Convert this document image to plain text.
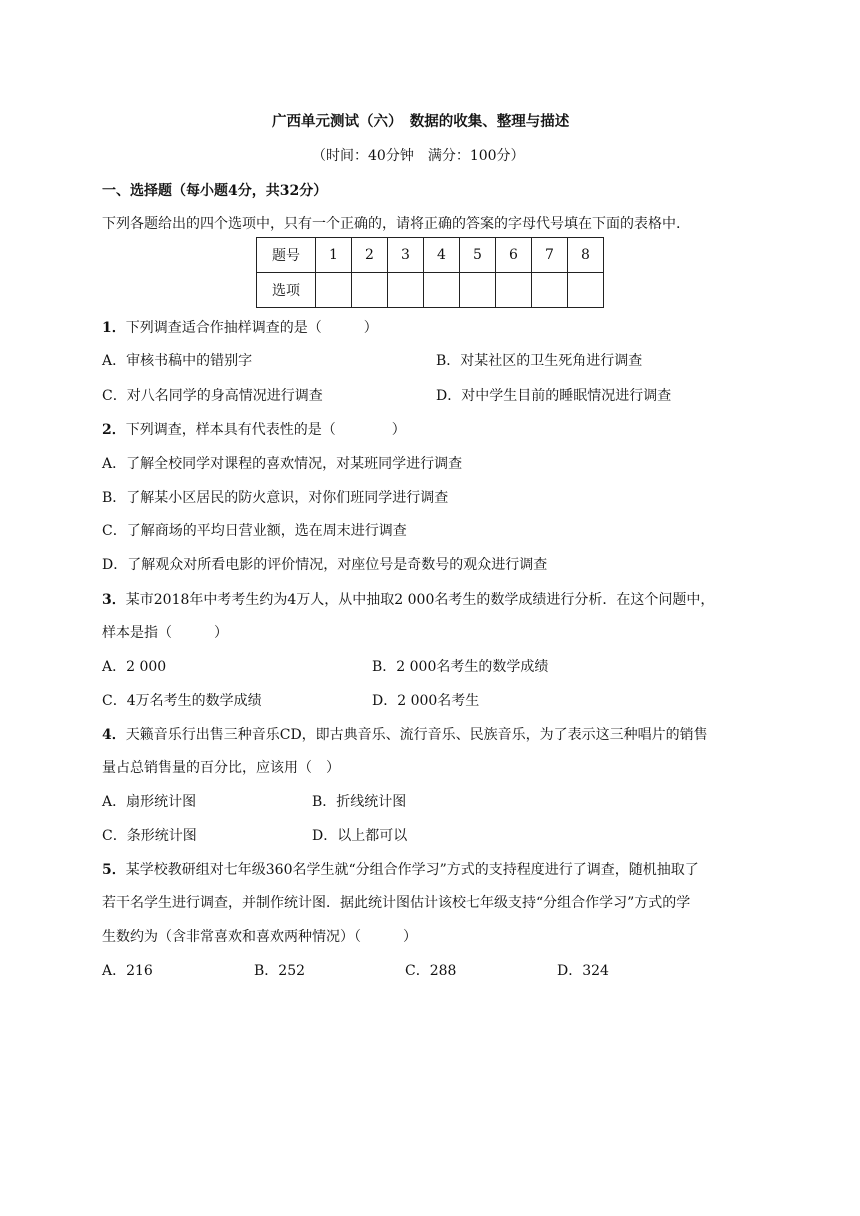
广西单元测试（六）　数据的收集、整理与描述
（时间：40分钟　满分：100分）
一、选择题（每小题4分，共32分）
下列各题给出的四个选项中，只有一个正确的，请将正确的答案的字母代号填在下面的表格中.
题号	1	2	3	4	5	6	7	8
选项								
1．下列调查适合作抽样调查的是（　　　）
A．审核书稿中的错别字	B．对某社区的卫生死角进行调查
C．对八名同学的身高情况进行调查	D．对中学生目前的睡眠情况进行调查
2．下列调查，样本具有代表性的是（　　　　）
A．了解全校同学对课程的喜欢情况，对某班同学进行调查
B．了解某小区居民的防火意识，对你们班同学进行调查
C．了解商场的平均日营业额，选在周末进行调查
D．了解观众对所看电影的评价情况，对座位号是奇数号的观众进行调查
3．某市2018年中考考生约为4万人，从中抽取2 000名考生的数学成绩进行分析．在这个问题中，
样本是指（　　　）
A．2 000	B．2 000名考生的数学成绩
C．4万名考生的数学成绩	D．2 000名考生
4．天籁音乐行出售三种音乐CD，即古典音乐、流行音乐、民族音乐，为了表示这三种唱片的销售
量占总销售量的百分比，应该用（　）
A．扇形统计图	B．折线统计图
C．条形统计图	D．以上都可以
5．某学校教研组对七年级360名学生就“分组合作学习”方式的支持程度进行了调查，随机抽取了
若干名学生进行调查，并制作统计图．据此统计图估计该校七年级支持“分组合作学习”方式的学
生数约为（含非常喜欢和喜欢两种情况）（　　　）
A．216	B．252	C．288	D．324
